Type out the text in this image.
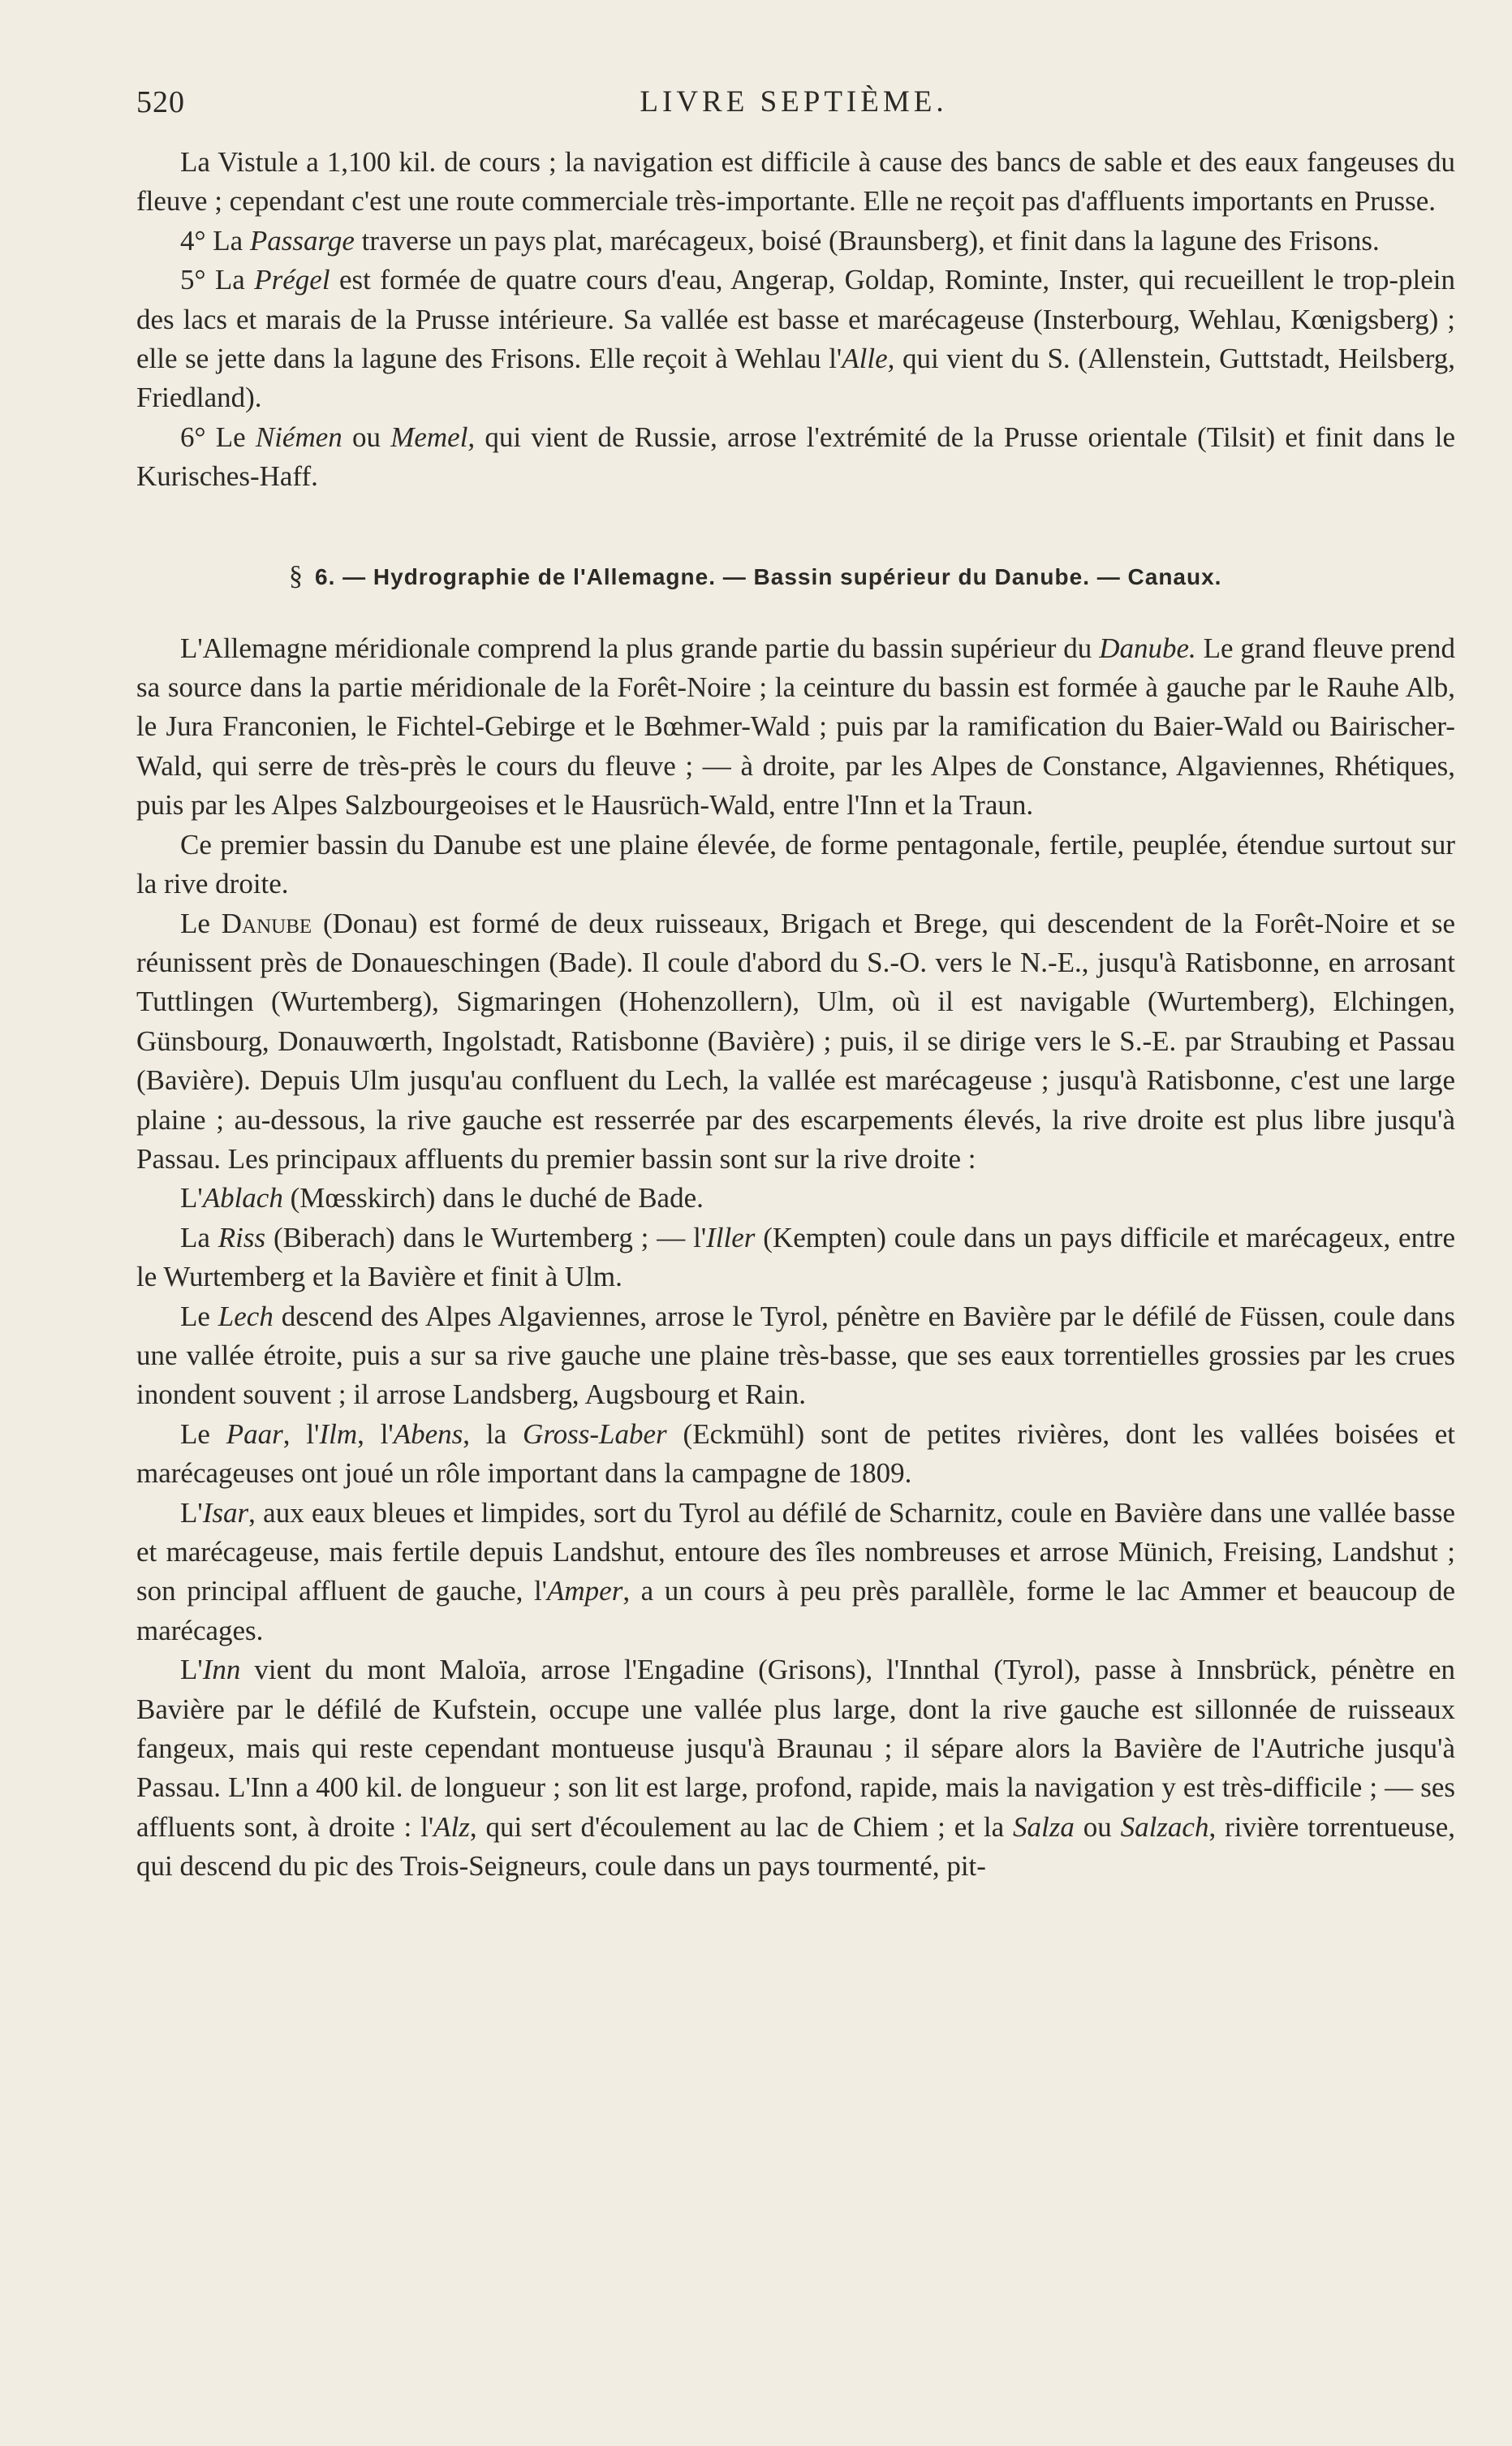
520	LIVRE SEPTIÈME.

La Vistule a 1,100 kil. de cours ; la navigation est difficile à cause des bancs de sable et des eaux fangeuses du fleuve ; cependant c'est une route commerciale très-importante. Elle ne reçoit pas d'affluents importants en Prusse.

4° La Passarge traverse un pays plat, marécageux, boisé (Braunsberg), et finit dans la lagune des Frisons.

5° La Prégel est formée de quatre cours d'eau, Angerap, Goldap, Rominte, Inster, qui recueillent le trop-plein des lacs et marais de la Prusse intérieure. Sa vallée est basse et marécageuse (Insterbourg, Wehlau, Kœnigsberg) ; elle se jette dans la lagune des Frisons. Elle reçoit à Wehlau l'Alle, qui vient du S. (Allenstein, Guttstadt, Heilsberg, Friedland).

6° Le Niémen ou Memel, qui vient de Russie, arrose l'extrémité de la Prusse orientale (Tilsit) et finit dans le Kurisches-Haff.

§ 6. — Hydrographie de l'Allemagne. — Bassin supérieur du Danube. — Canaux.

L'Allemagne méridionale comprend la plus grande partie du bassin supérieur du Danube. Le grand fleuve prend sa source dans la partie méridionale de la Forêt-Noire ; la ceinture du bassin est formée à gauche par le Rauhe Alb, le Jura Franconien, le Fichtel-Gebirge et le Bœhmer-Wald ; puis par la ramification du Baier-Wald ou Bairischer-Wald, qui serre de très-près le cours du fleuve ; — à droite, par les Alpes de Constance, Algaviennes, Rhétiques, puis par les Alpes Salzbourgeoises et le Hausrüch-Wald, entre l'Inn et la Traun.

Ce premier bassin du Danube est une plaine élevée, de forme pentagonale, fertile, peuplée, étendue surtout sur la rive droite.

Le Danube (Donau) est formé de deux ruisseaux, Brigach et Brege, qui descendent de la Forêt-Noire et se réunissent près de Donaueschingen (Bade). Il coule d'abord du S.-O. vers le N.-E., jusqu'à Ratisbonne, en arrosant Tuttlingen (Wurtemberg), Sigmaringen (Hohenzollern), Ulm, où il est navigable (Wurtemberg), Elchingen, Günsbourg, Donauwœrth, Ingolstadt, Ratisbonne (Bavière) ; puis, il se dirige vers le S.-E. par Straubing et Passau (Bavière). Depuis Ulm jusqu'au confluent du Lech, la vallée est marécageuse ; jusqu'à Ratisbonne, c'est une large plaine ; au-dessous, la rive gauche est resserrée par des escarpements élevés, la rive droite est plus libre jusqu'à Passau. Les principaux affluents du premier bassin sont sur la rive droite :

L'Ablach (Mœsskirch) dans le duché de Bade.

La Riss (Biberach) dans le Wurtemberg ; — l'Iller (Kempten) coule dans un pays difficile et marécageux, entre le Wurtemberg et la Bavière et finit à Ulm.

Le Lech descend des Alpes Algaviennes, arrose le Tyrol, pénètre en Bavière par le défilé de Füssen, coule dans une vallée étroite, puis a sur sa rive gauche une plaine très-basse, que ses eaux torrentielles grossies par les crues inondent souvent ; il arrose Landsberg, Augsbourg et Rain.

Le Paar, l'Ilm, l'Abens, la Gross-Laber (Eckmühl) sont de petites rivières, dont les vallées boisées et marécageuses ont joué un rôle important dans la campagne de 1809.

L'Isar, aux eaux bleues et limpides, sort du Tyrol au défilé de Scharnitz, coule en Bavière dans une vallée basse et marécageuse, mais fertile depuis Landshut, entoure des îles nombreuses et arrose Münich, Freising, Landshut ; son principal affluent de gauche, l'Amper, a un cours à peu près parallèle, forme le lac Ammer et beaucoup de marécages.

L'Inn vient du mont Maloïa, arrose l'Engadine (Grisons), l'Innthal (Tyrol), passe à Innsbrück, pénètre en Bavière par le défilé de Kufstein, occupe une vallée plus large, dont la rive gauche est sillonnée de ruisseaux fangeux, mais qui reste cependant montueuse jusqu'à Braunau ; il sépare alors la Bavière de l'Autriche jusqu'à Passau. L'Inn a 400 kil. de longueur ; son lit est large, profond, rapide, mais la navigation y est très-difficile ; — ses affluents sont, à droite : l'Alz, qui sert d'écoulement au lac de Chiem ; et la Salza ou Salzach, rivière torrentueuse, qui descend du pic des Trois-Seigneurs, coule dans un pays tourmenté, pit-
